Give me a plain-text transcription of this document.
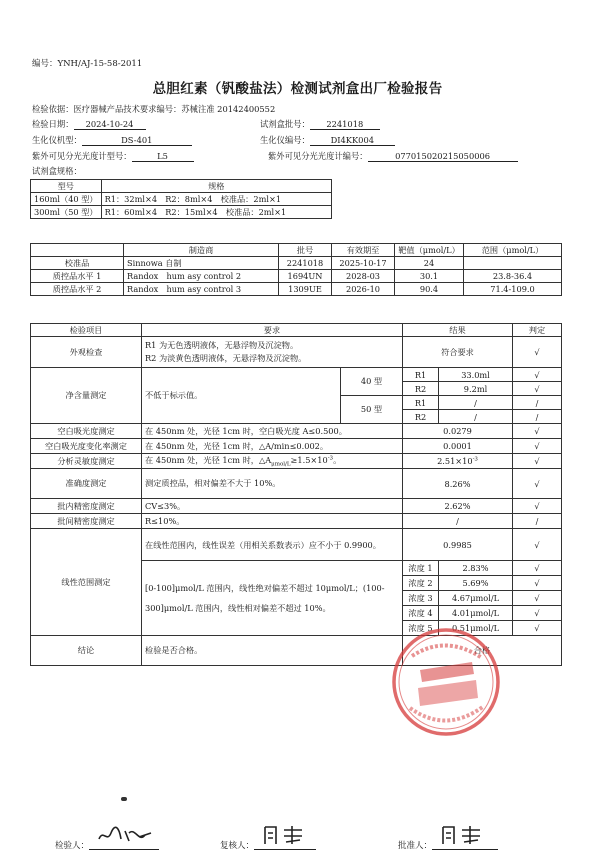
编号：YNH/AJ-15-58-2011
总胆红素（钒酸盐法）检测试剂盒出厂检验报告
检验依据：医疗器械产品技术要求编号：苏械注准 20142400552
检验日期： 2024-10-24	试剂盒批号： 2241018
生化仪机型：	DS-401	生化仪编号：	DI4KK004
紫外可见分光光度计型号：	L5	紫外可见分光光度计编号：	077015020215050006
试剂盒规格：
型号	规格
160ml（40 型）	R1：32ml×4　R2：8ml×4　校准品：2ml×1
300ml（50 型）	R1：60ml×4　R2：15ml×4　校准品：2ml×1
	制造商	批号	有效期至	靶值（μmol/L）	范围（μmol/L）
校准品	Sinnowa 自制	2241018	2025-10-17	24	
质控品水平 1	Randox　hum asy control 2	1694UN	2028-03	30.1	23.8-36.4
质控品水平 2	Randox　hum asy control 3	1309UE	2026-10	90.4	71.4-109.0
检验项目	要求		结果		判定
外观检查	R1 为无色透明液体，无悬浮物及沉淀物。
R2 为淡黄色透明液体，无悬浮物及沉淀物。		符合要求		√
净含量测定	不低于标示值。	40 型	R1	33.0ml	√
			R2	9.2ml	√
		50 型	R1	/	/
			R2	/	/
空白吸光度测定	在 450nm 处，光径 1cm 时，空白吸光度 A≤0.500。		0.0279		√
空白吸光度变化率测定	在 450nm 处，光径 1cm 时，△A/min≤0.002。		0.0001		√
分析灵敏度测定	在 450nm 处，光径 1cm 时，$\triangle A_{\mu mol/L}\ge 1.5\times 10^{-3}$。		$2.51\times 10^{-3}$		√
准确度测定	测定质控品，相对偏差不大于 10%。		8.26%		√
批内精密度测定	CV≤3%。		2.62%		√
批间精密度测定	R≤10%。		/		/
线性范围测定	在线性范围内，线性误差（用相关系数表示）应不小于 0.9900。		0.9985		√
	[0-100]μmol/L 范围内，线性绝对偏差不超过 10μmol/L；(100-300]μmol/L 范围内，线性相对偏差不超过 10%。		浓度 1	2.83%	√
			浓度 2	5.69%	√
			浓度 3	4.67μmol/L	√
			浓度 4	4.01μmol/L	√
			浓度 5	0.51μmol/L	√
结论	检验是否合格。		合格		
检验人：	复核人：	批准人：
